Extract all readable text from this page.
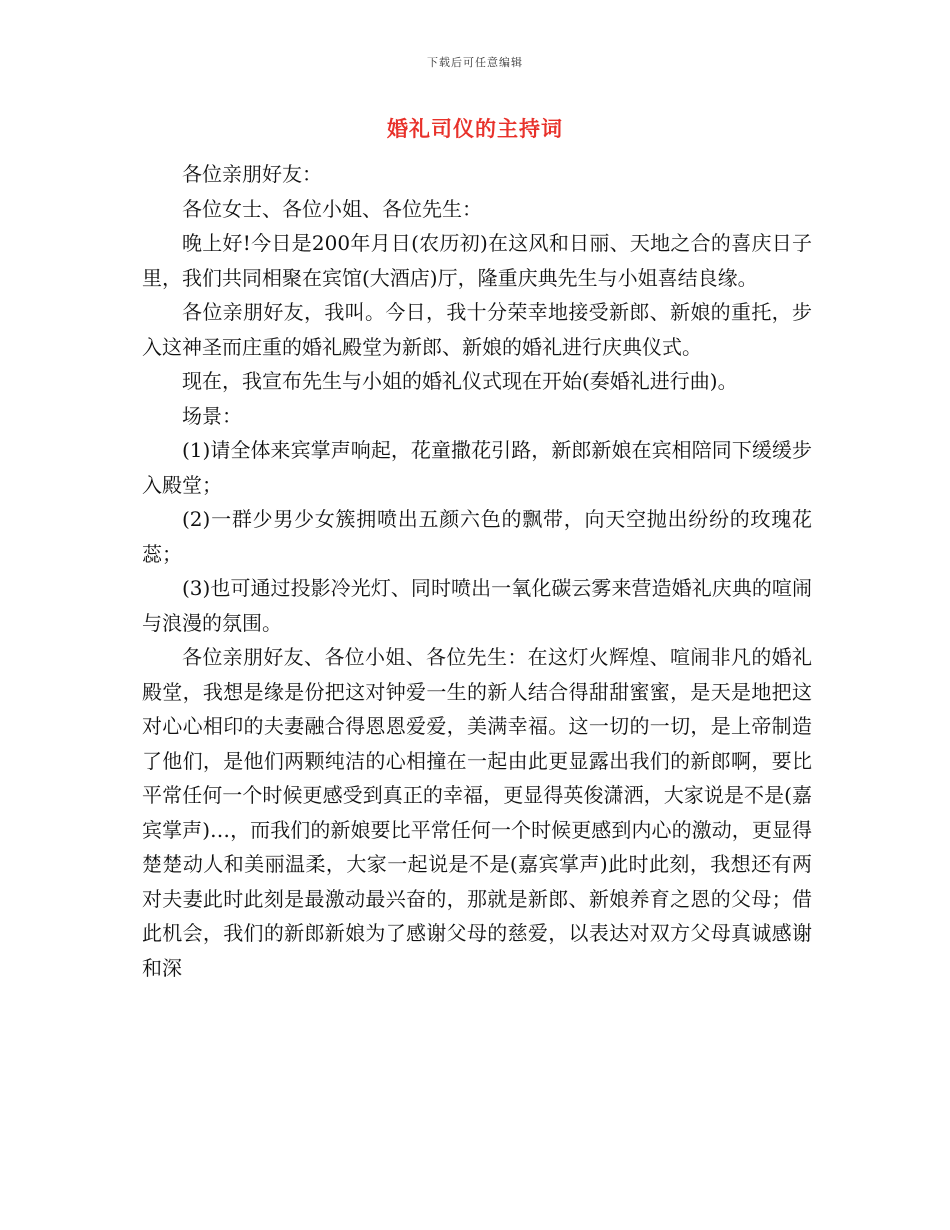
下载后可任意编辑
婚礼司仪的主持词

各位亲朋好友：

各位女士、各位小姐、各位先生：

晚上好!今日是200年月日(农历初)在这风和日丽、天地之合的喜庆日子里，我们共同相聚在宾馆(大酒店)厅，隆重庆典先生与小姐喜结良缘。

各位亲朋好友，我叫。今日，我十分荣幸地接受新郎、新娘的重托，步入这神圣而庄重的婚礼殿堂为新郎、新娘的婚礼进行庆典仪式。

现在，我宣布先生与小姐的婚礼仪式现在开始(奏婚礼进行曲)。

场景：

(1)请全体来宾掌声响起，花童撒花引路，新郎新娘在宾相陪同下缓缓步入殿堂；

(2)一群少男少女簇拥喷出五颜六色的飘带，向天空抛出纷纷的玫瑰花蕊；

(3)也可通过投影冷光灯、同时喷出一氧化碳云雾来营造婚礼庆典的喧闹与浪漫的氛围。

各位亲朋好友、各位小姐、各位先生：在这灯火辉煌、喧闹非凡的婚礼殿堂，我想是缘是份把这对钟爱一生的新人结合得甜甜蜜蜜，是天是地把这对心心相印的夫妻融合得恩恩爱爱，美满幸福。这一切的一切，是上帝制造了他们，是他们两颗纯洁的心相撞在一起由此更显露出我们的新郎啊，要比平常任何一个时候更感受到真正的幸福，更显得英俊潇洒，大家说是不是(嘉宾掌声)…，而我们的新娘要比平常任何一个时候更感到内心的激动，更显得楚楚动人和美丽温柔，大家一起说是不是(嘉宾掌声)此时此刻，我想还有两对夫妻此时此刻是最激动最兴奋的，那就是新郎、新娘养育之恩的父母；借此机会，我们的新郎新娘为了感谢父母的慈爱，以表达对双方父母真诚感谢和深
